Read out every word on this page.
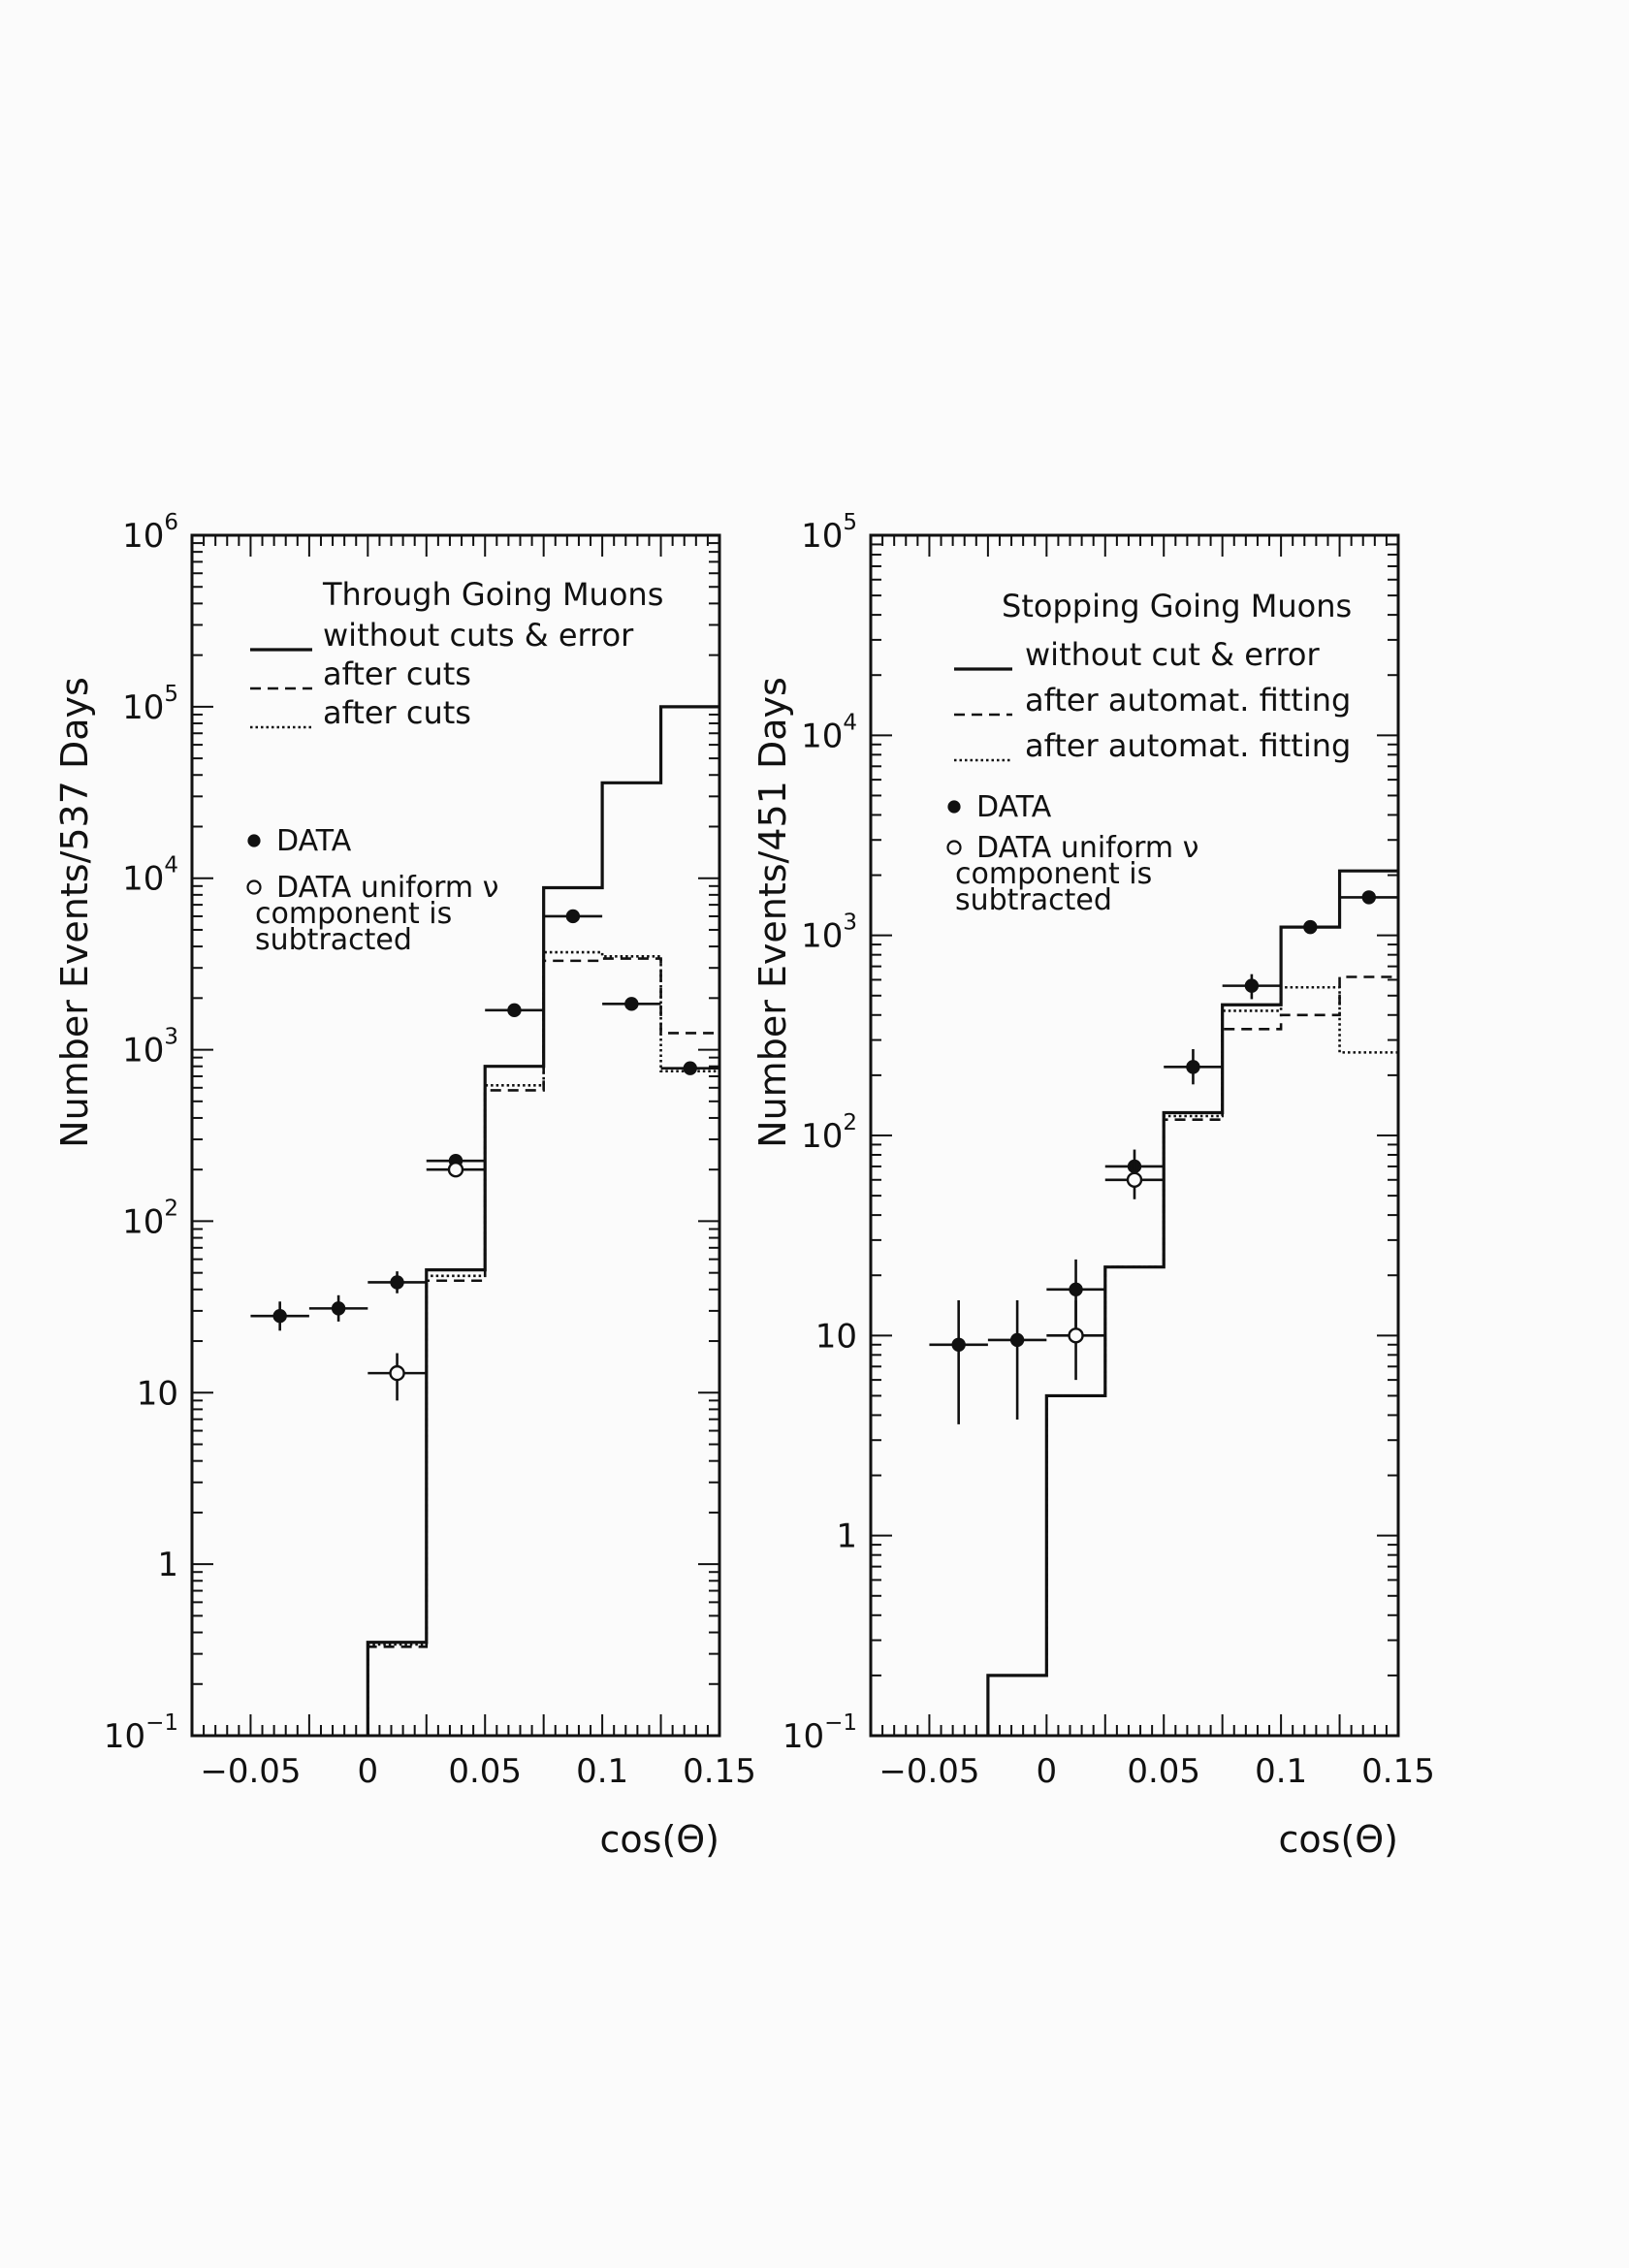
$10^{-1}$
1
10
$10^2$
$10^3$
$10^4$
$10^5$
$10^6$
−0.05 0 0.05 0.1 0.15
cos(Θ)
Number Events/537 Days
Through Going Muons
without cuts & error
after cuts
after cuts
DATA
DATA uniform ν
component is
subtracted
$10^{-1}$
1
10
$10^2$
$10^3$
$10^4$
$10^5$
−0.05 0 0.05 0.1 0.15
cos(Θ)
Number Events/451 Days
Stopping Going Muons
without cut & error
after automat. fitting
after automat. fitting
DATA
DATA uniform ν
component is
subtracted
